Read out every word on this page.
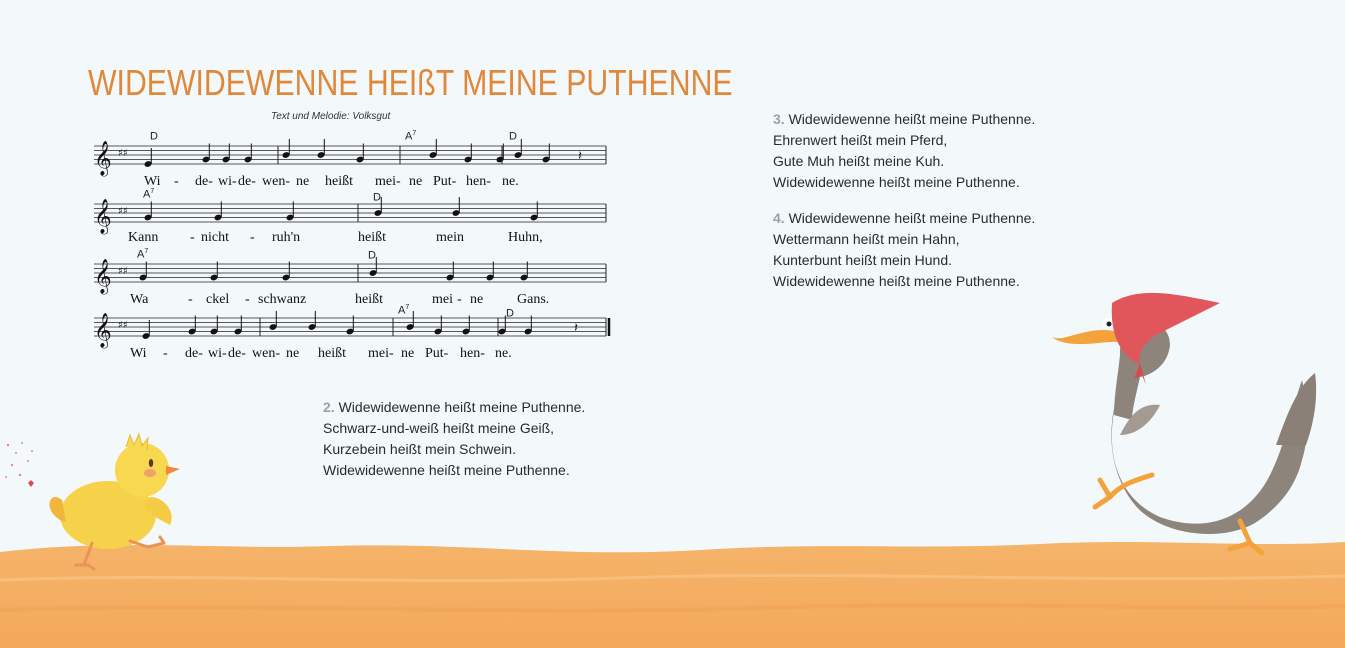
WIDEWIDEWENNE HEIßT MEINE PUTHENNE
Text und Melodie: Volksgut
𝄞 ♯♯	𝄽
D	$A^7$	D
Wi - de- wi- de- wen- ne heißt mei- ne Put- hen- ne.
𝄞 ♯♯
$A^7$
D
Kann - nicht - ruh'n	heißt	mein	Huhn,
𝄞 ♯♯
$A^7$	D
Wa	- ckel - schwanz	heißt	mei - ne Gans.
𝄞 ♯♯	𝄽
$A^7$
D
Wi - de- wi- de- wen- ne heißt mei- ne Put- hen- ne.

2. Widewidewenne heißt meine Puthenne.

Schwarz-und-weiß heißt meine Geiß,

Kurzebein heißt mein Schwein.

Widewidewenne heißt meine Puthenne.

3. Widewidewenne heißt meine Puthenne.

Ehrenwert heißt mein Pferd,

Gute Muh heißt meine Kuh.

Widewidewenne heißt meine Puthenne.

4. Widewidewenne heißt meine Puthenne.

Wettermann heißt mein Hahn,

Kunterbunt heißt mein Hund.

Widewidewenne heißt meine Puthenne.
